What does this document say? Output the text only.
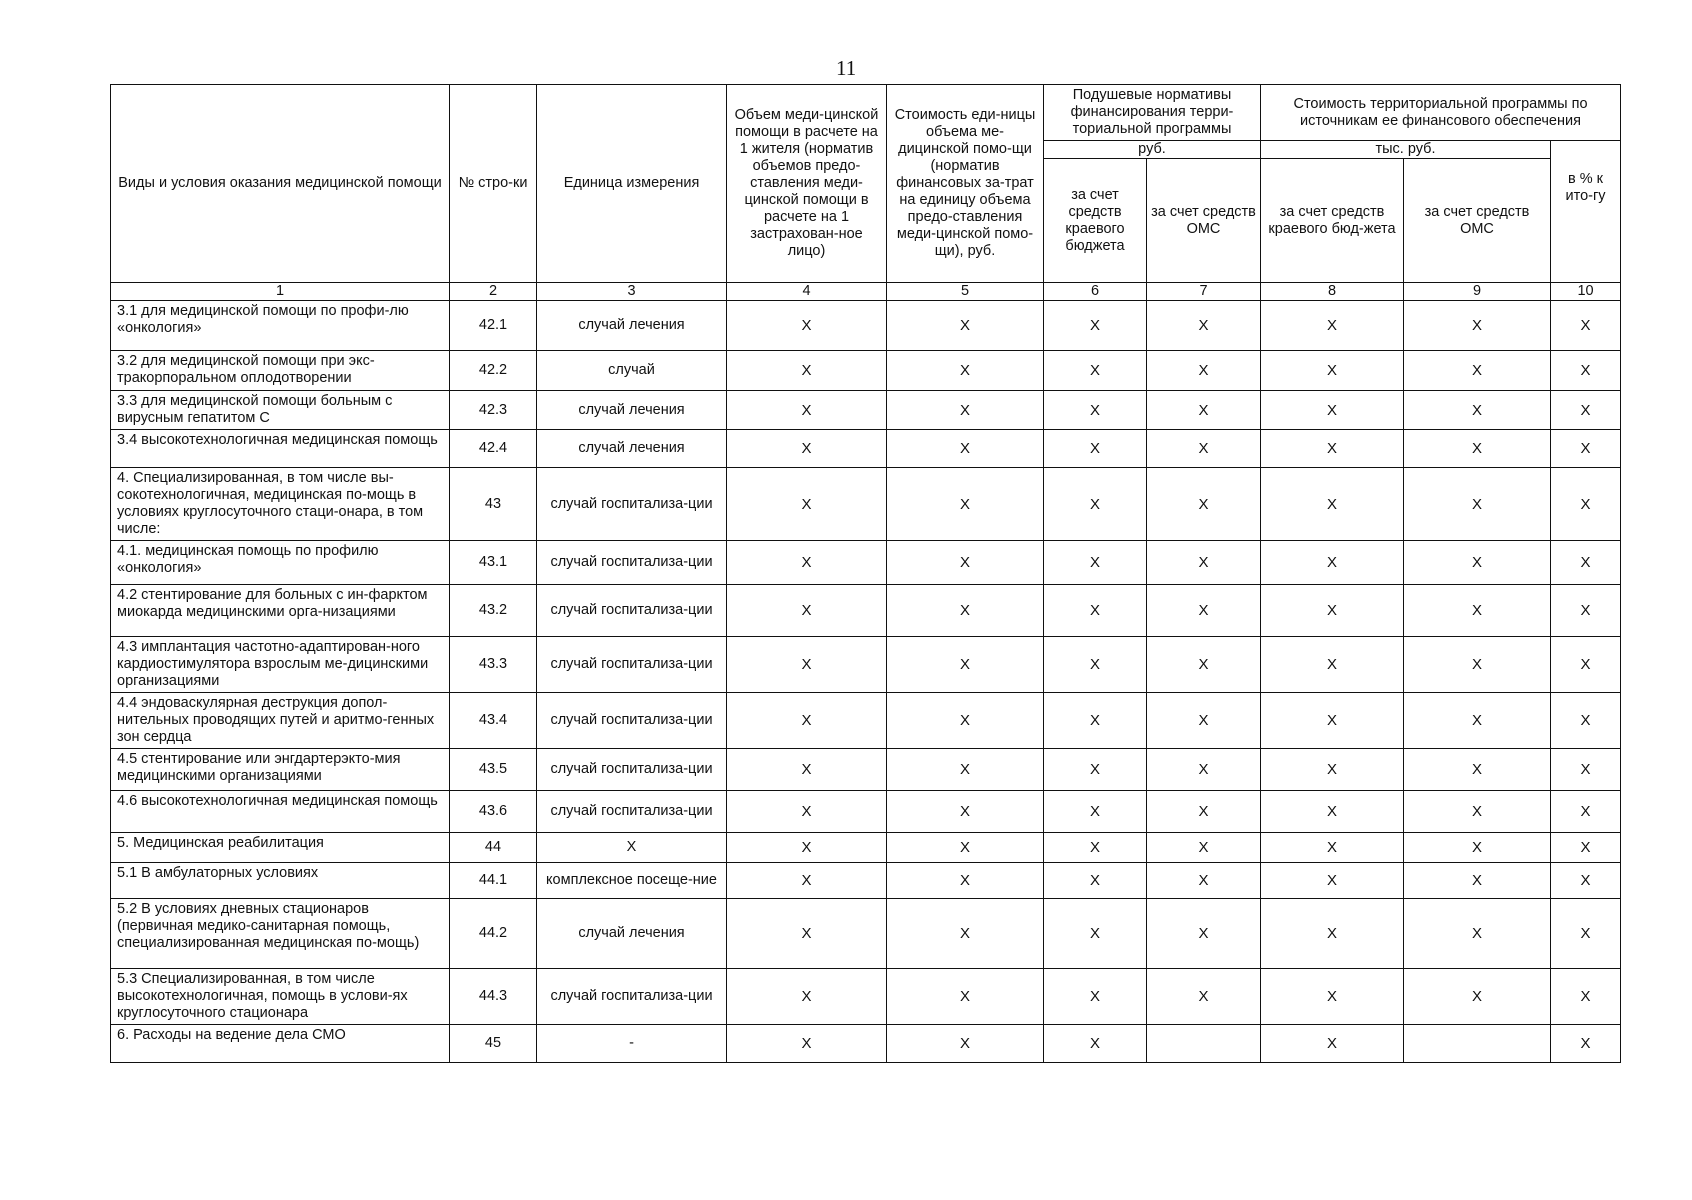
11
Виды и условия оказания медицинской помощи	№ стро-ки	Единица измерения	Объем меди-цинской помощи в расчете на 1 жителя (норматив объемов предо-ставления меди-цинской помощи в расчете на 1 застрахован-ное лицо)	Стоимость еди-ницы объема ме-дицинской помо-щи (норматив финансовых за-трат на единицу объема предо-ставления меди-цинской помо-щи), руб.	Подушевые нормативы финансирования терри-ториальной программы		Стоимость территориальной программы по источникам ее финансового обеспечения		
					руб.		тыс. руб.		в % к ито-гу
					за счет средств краевого бюджета	за счет средств ОМС	за счет средств краевого бюд-жета	за счет средств ОМС	
1	2	3	4	5	6	7	8	9	10
3.1 для медицинской помощи по профи-лю «онкология»	42.1	случай лечения	X	X	X	X	X	X	X
3.2 для медицинской помощи при экс-тракорпоральном оплодотворении	42.2	случай	X	X	X	X	X	X	X
3.3 для медицинской помощи больным с вирусным гепатитом С	42.3	случай лечения	X	X	X	X	X	X	X
3.4 высокотехнологичная медицинская помощь	42.4	случай лечения	X	X	X	X	X	X	X
4. Специализированная, в том числе вы-сокотехнологичная, медицинская по-мощь в условиях круглосуточного стаци-онара, в том числе:	43	случай госпитализа-ции	X	X	X	X	X	X	X
4.1. медицинская помощь по профилю «онкология»	43.1	случай госпитализа-ции	X	X	X	X	X	X	X
4.2 стентирование для больных с ин-фарктом миокарда медицинскими орга-низациями	43.2	случай госпитализа-ции	X	X	X	X	X	X	X
4.3 имплантация частотно-адаптирован-ного кардиостимулятора взрослым ме-дицинскими организациями	43.3	случай госпитализа-ции	X	X	X	X	X	X	X
4.4 эндоваскулярная деструкция допол-нительных проводящих путей и аритмо-генных зон сердца	43.4	случай госпитализа-ции	X	X	X	X	X	X	X
4.5 стентирование или энгдартерэкто-мия медицинскими организациями	43.5	случай госпитализа-ции	X	X	X	X	X	X	X
4.6 высокотехнологичная медицинская помощь	43.6	случай госпитализа-ции	X	X	X	X	X	X	X
5. Медицинская реабилитация	44	X	X	X	X	X	X	X	X
5.1 В амбулаторных условиях	44.1	комплексное посеще-ние	X	X	X	X	X	X	X
5.2 В условиях дневных стационаров (первичная медико-санитарная помощь, специализированная медицинская по-мощь)	44.2	случай лечения	X	X	X	X	X	X	X
5.3 Специализированная, в том числе высокотехнологичная, помощь в услови-ях круглосуточного стационара	44.3	случай госпитализа-ции	X	X	X	X	X	X	X
6. Расходы на ведение дела СМО	45	-	X	X	X		X		X
